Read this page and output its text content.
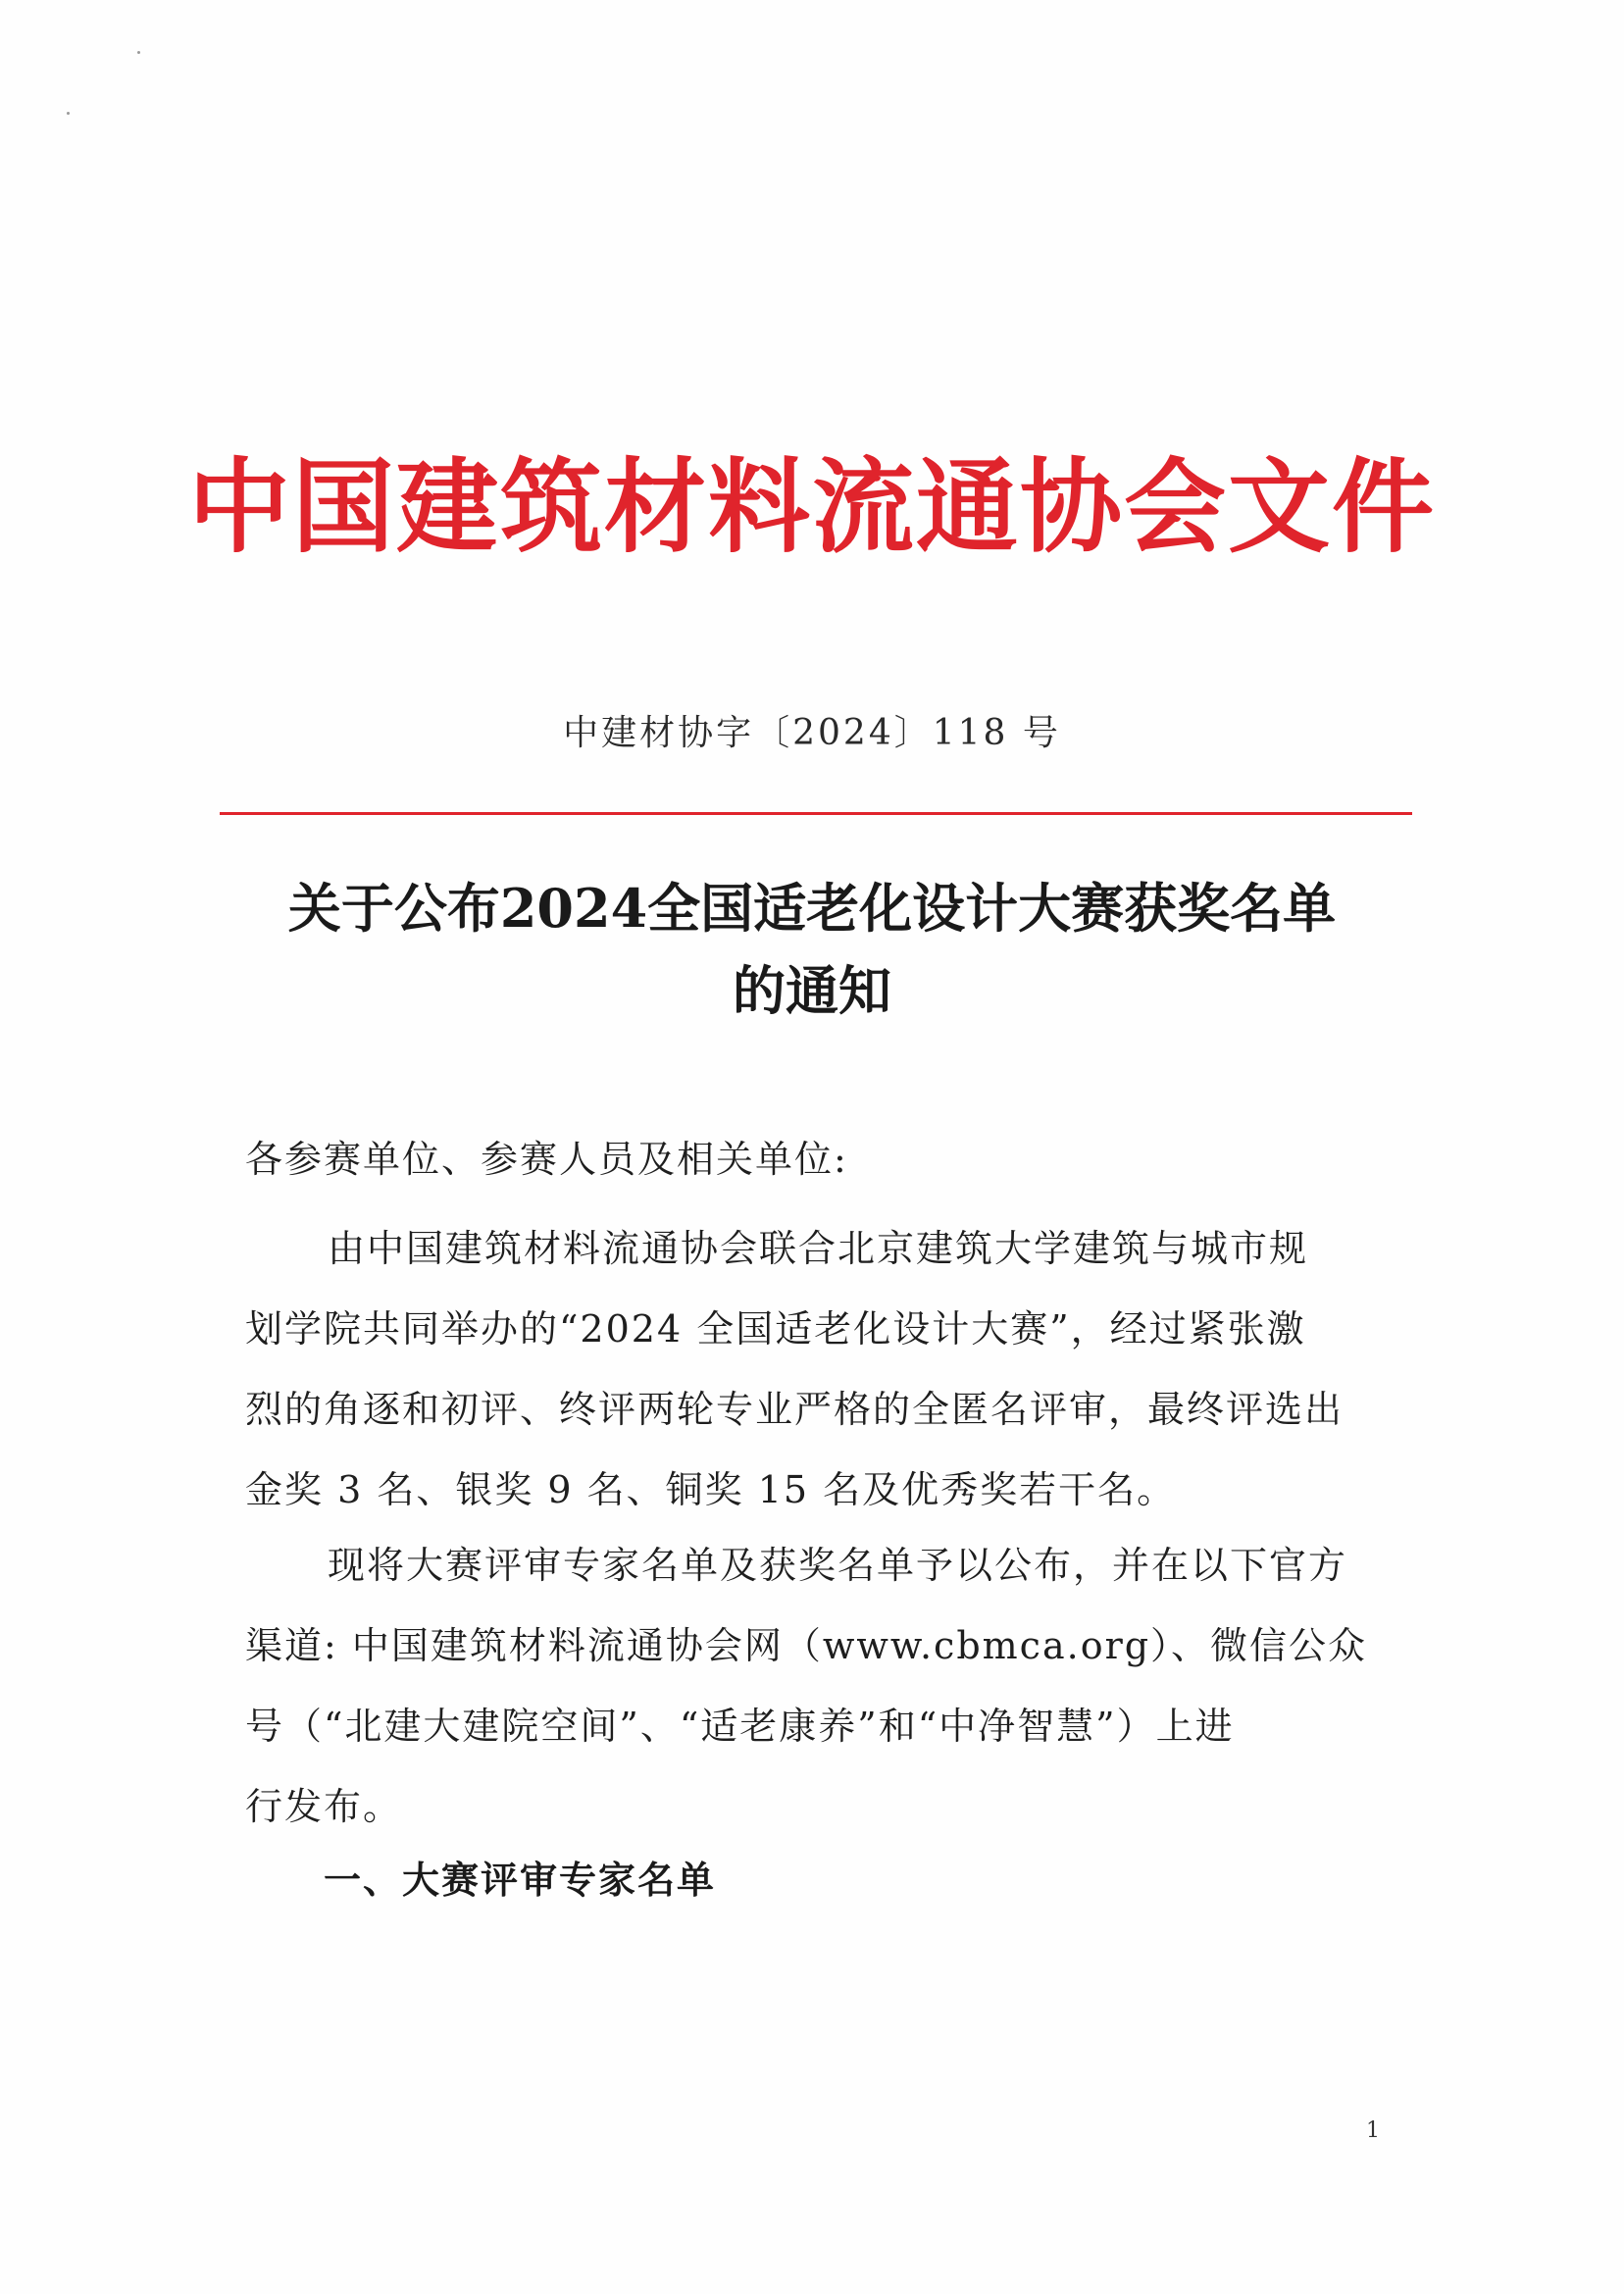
中国建筑材料流通协会文件
中建材协字〔2024〕118 号
关于公布2024全国适老化设计大赛获奖名单
的通知
各参赛单位、参赛人员及相关单位:
由中国建筑材料流通协会联合北京建筑大学建筑与城市规
划学院共同举办的“2024 全国适老化设计大赛”，经过紧张激
烈的角逐和初评、终评两轮专业严格的全匿名评审，最终评选出
金奖 3 名、银奖 9 名、铜奖 15 名及优秀奖若干名。
现将大赛评审专家名单及获奖名单予以公布，并在以下官方
渠道: 中国建筑材料流通协会网（www.cbmca.org）、微信公众
号（“北建大建院空间”、“适老康养”和“中净智慧”）上进
行发布。
一、大赛评审专家名单
1
